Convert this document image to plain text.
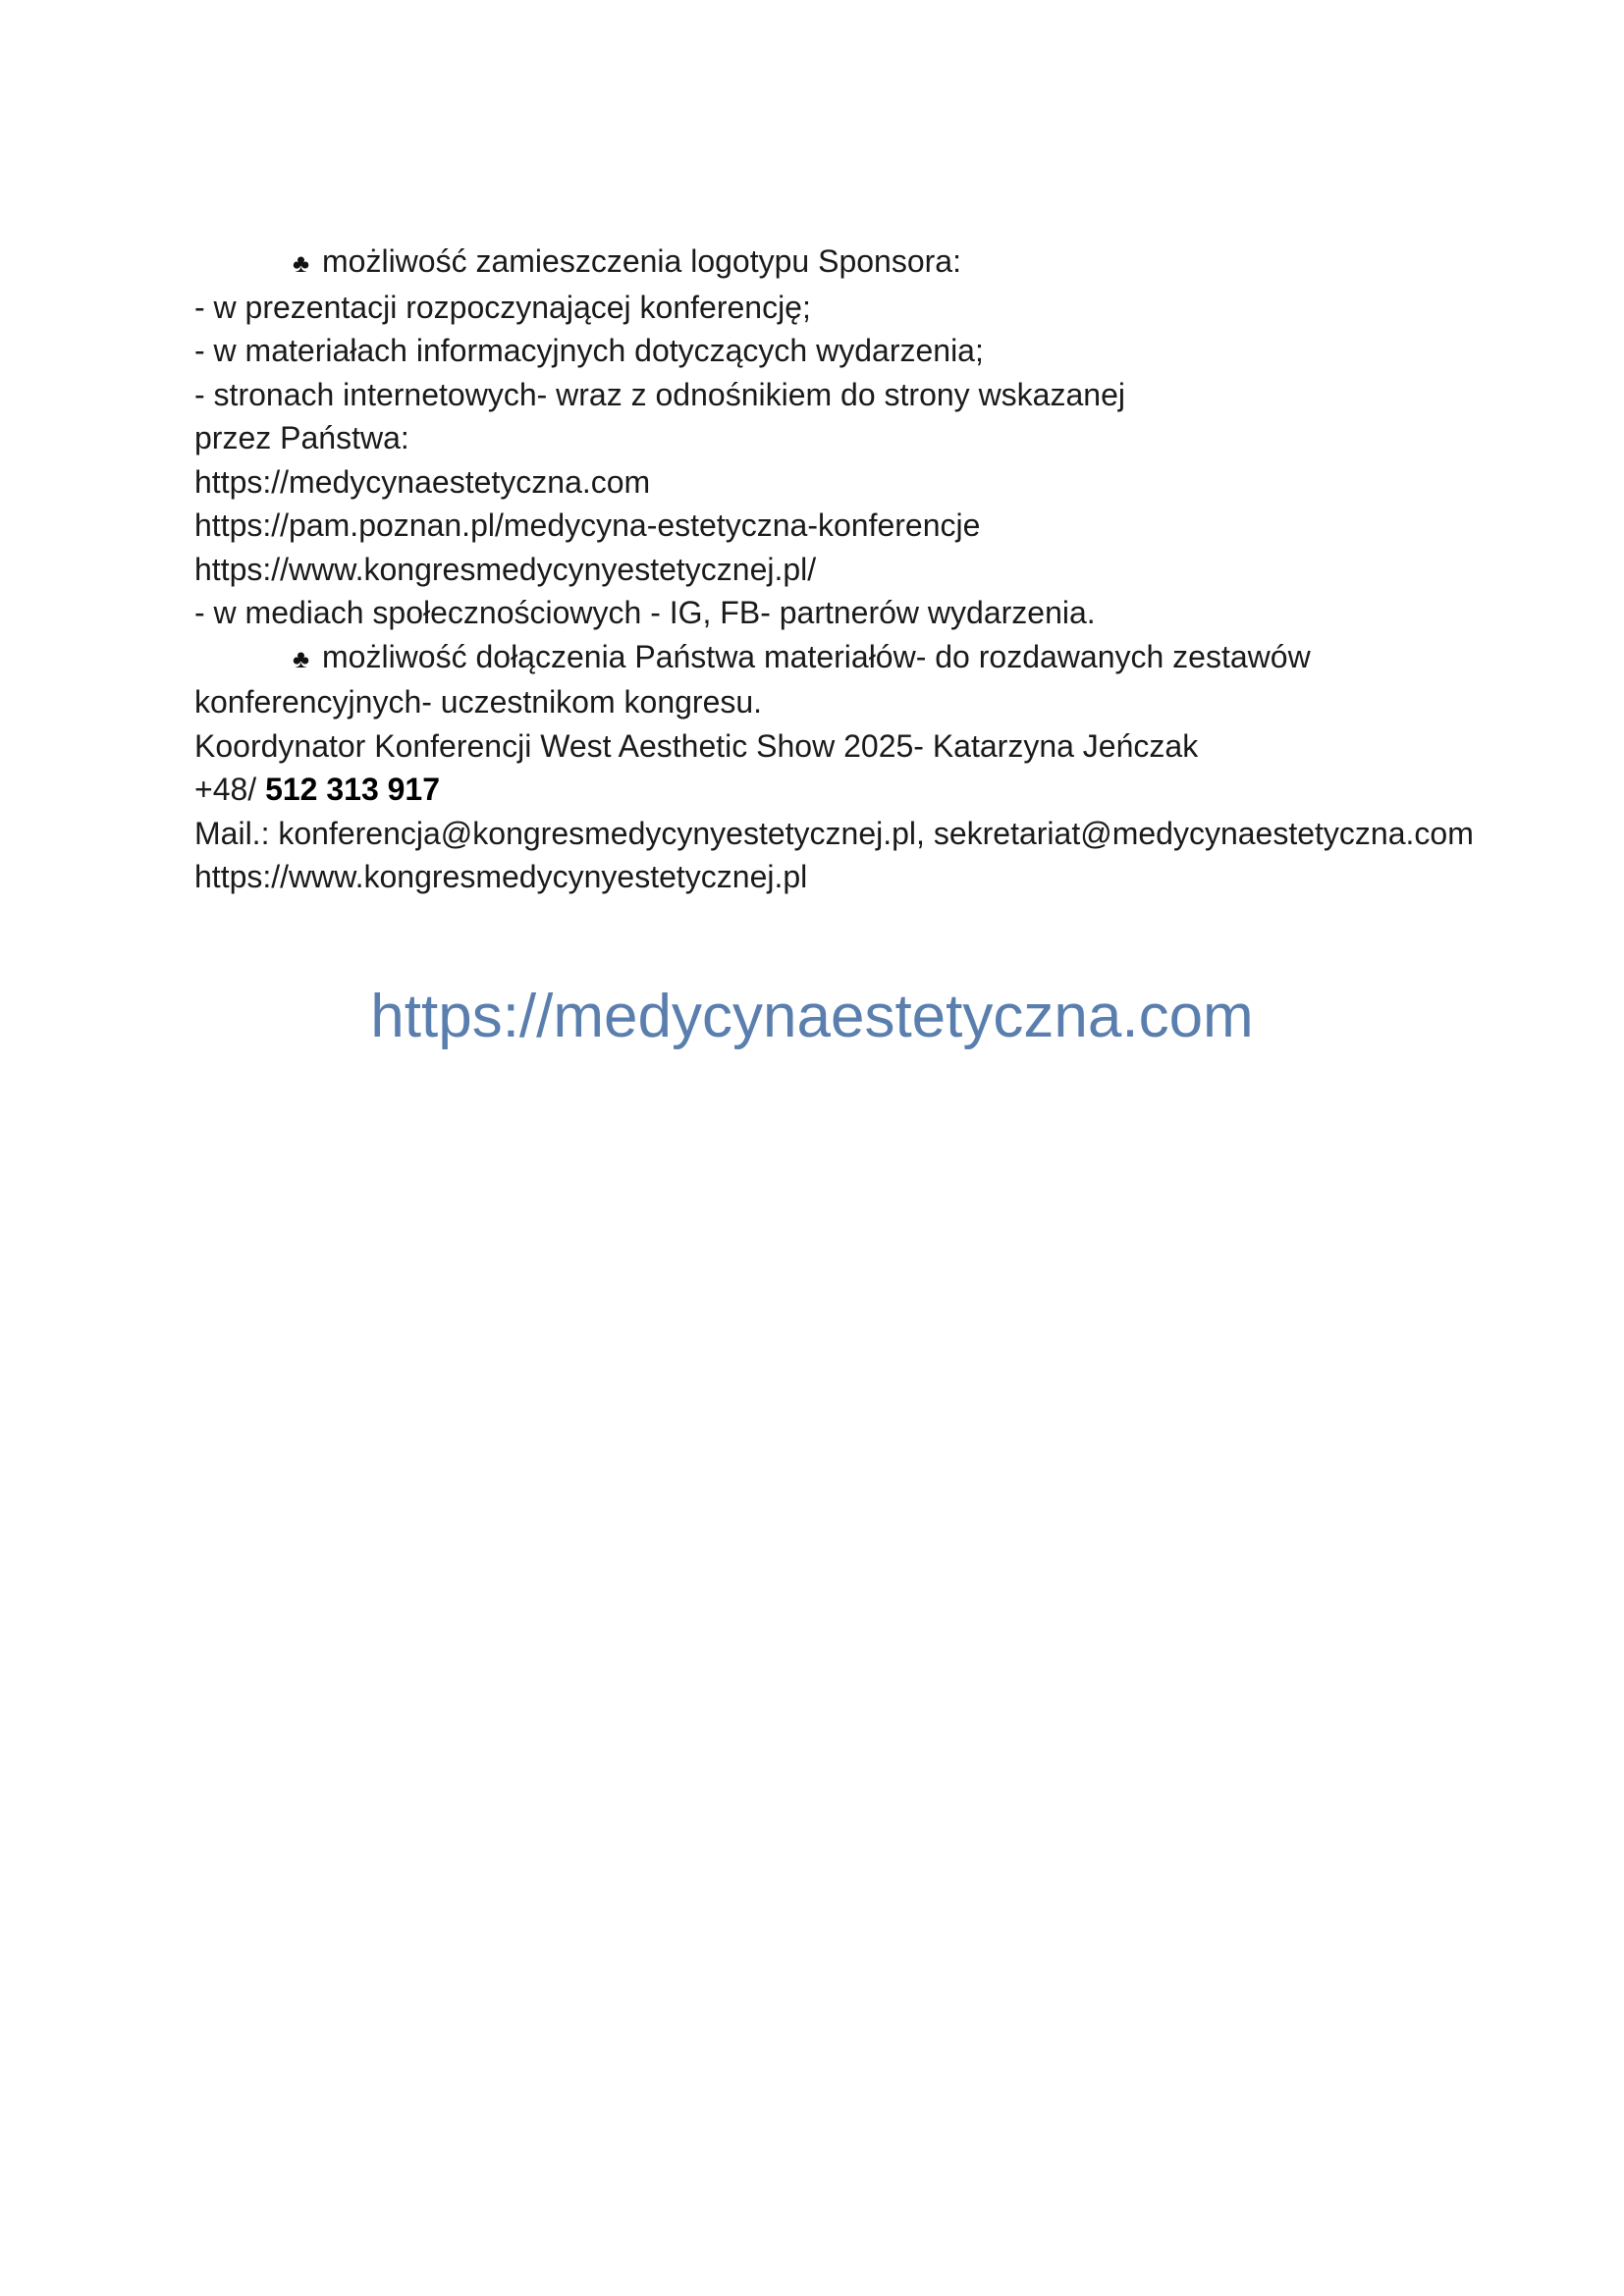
♣ możliwość zamieszczenia logotypu Sponsora:
- w prezentacji rozpoczynającej konferencję;
- w materiałach informacyjnych dotyczących wydarzenia;
- stronach internetowych- wraz z odnośnikiem do strony wskazanej
przez Państwa:
https://medycynaestetyczna.com
https://pam.poznan.pl/medycyna-estetyczna-konferencje
https://www.kongresmedycynyestetycznej.pl/
- w mediach społecznościowych - IG, FB- partnerów wydarzenia.
♣ możliwość dołączenia Państwa materiałów- do rozdawanych zestawów
konferencyjnych- uczestnikom kongresu.
Koordynator Konferencji West Aesthetic Show 2025- Katarzyna Jeńczak
+48/ 512 313 917
Mail.: konferencja@kongresmedycynyestetycznej.pl, sekretariat@medycynaestetyczna.com
https://www.kongresmedycynyestetycznej.pl
https://medycynaestetyczna.com
